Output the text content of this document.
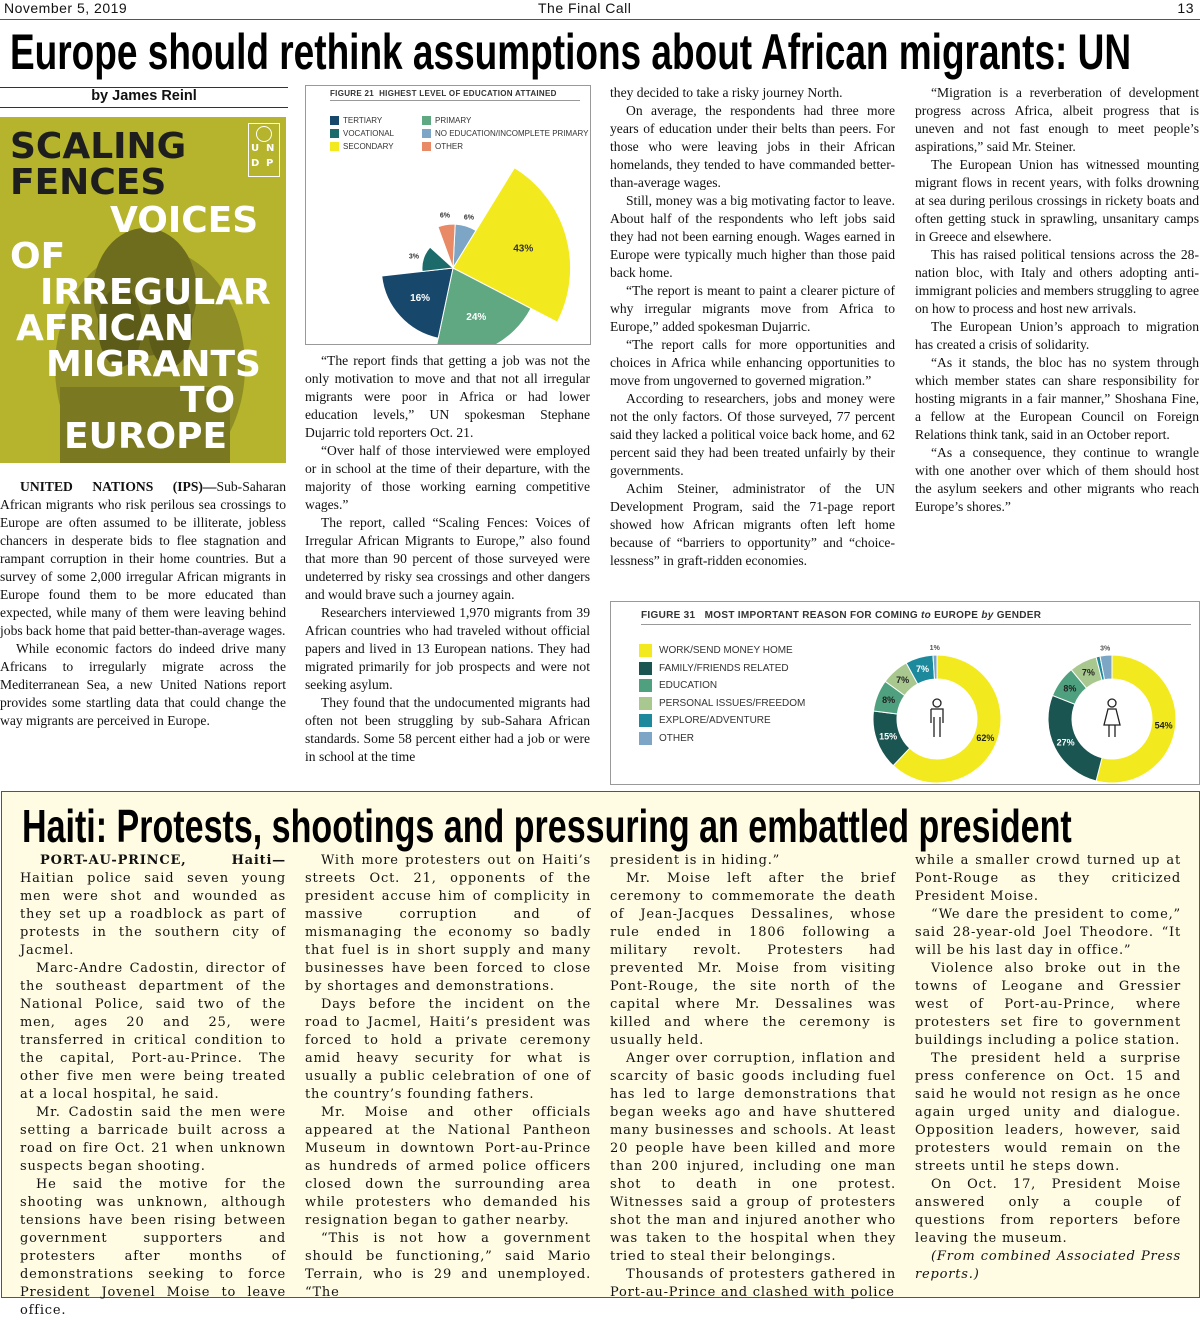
November 5, 2019	The Final Call	13
Europe should rethink assumptions about African migrants: UN
by James Reinl
U N
D P
SCALING
FENCES
VOICES
OF
IRREGULAR
AFRICAN
MIGRANTS
TO
EUROPE

UNITED NATIONS (IPS)—Sub-Saharan African migrants who risk perilous sea crossings to Europe are often assumed to be illiterate, jobless chancers in desperate bids to flee stagnation and rampant corruption in their home countries. But a survey of some 2,000 irregular African migrants in Europe found them to be more educated than expected, while many of them were leaving behind jobs back home that paid better-than-average wages.

While economic factors do indeed drive many Africans to irregularly migrate across the Mediterranean Sea, a new United Nations report provides some startling data that could change the way migrants are perceived in Europe.

FIGURE 21 HIGHEST LEVEL OF EDUCATION ATTAINED
TERTIARY
VOCATIONAL
SECONDARY
PRIMARY
NO EDUCATION/INCOMPLETE PRIMARY
OTHER
6%
43%
24%
16%
3%
6%

“The report finds that getting a job was not the only motivation to move and that not all irregular migrants were poor in Africa or had lower education levels,” UN spokesman Stephane Dujarric told reporters Oct. 21.

“Over half of those interviewed were employed or in school at the time of their departure, with the majority of those working earning competitive wages.”

The report, called “Scaling Fences: Voices of Irregular African Migrants to Europe,” also found that more than 90 percent of those surveyed were undeterred by risky sea crossings and other dangers and would brave such a journey again.

Researchers interviewed 1,970 migrants from 39 African countries who had traveled without official papers and lived in 13 European nations. They had migrated primarily for job prospects and were not seeking asylum.

They found that the undocumented migrants had often not been struggling by sub-Sahara African standards. Some 58 percent either had a job or were in school at the time

they decided to take a risky journey North.

On average, the respondents had three more years of education under their belts than peers. For those who were leaving jobs in their African homelands, they tended to have commanded better-than-average wages.

Still, money was a big motivating factor to leave. About half of the respondents who left jobs said they had not been earning enough. Wages earned in Europe were typically much higher than those paid back home.

“The report is meant to paint a clearer picture of why irregular migrants move from Africa to Europe,” added spokesman Dujarric.

“The report calls for more opportunities and choices in Africa while enhancing opportunities to move from ungoverned to governed migration.”

According to researchers, jobs and money were not the only factors. Of those surveyed, 77 percent said they lacked a political voice back home, and 62 percent said they had been treated unfairly by their governments.

Achim Steiner, administrator of the UN Development Program, said the 71-page report showed how African migrants often left home because of “barriers to opportunity” and “choice-lessness” in graft-ridden economies.

“Migration is a reverberation of development progress across Africa, albeit progress that is uneven and not fast enough to meet people’s aspirations,” said Mr. Steiner.

The European Union has witnessed mounting migrant flows in recent years, with folks drowning at sea during perilous crossings in rickety boats and often getting stuck in sprawling, unsanitary camps in Greece and elsewhere.

This has raised political tensions across the 28-nation bloc, with Italy and others adopting anti-immigrant policies and members struggling to agree on how to process and host new arrivals.

The European Union’s approach to migration has created a crisis of solidarity.

“As it stands, the bloc has no system through which member states can share responsibility for hosting migrants in a fair manner,” Shoshana Fine, a fellow at the European Council on Foreign Relations think tank, said in an October report.

“As a consequence, they continue to wrangle with one another over which of them should host the asylum seekers and other migrants who reach Europe’s shores.”

FIGURE 31 MOST IMPORTANT REASON FOR COMING to EUROPE by GENDER
WORK/SEND MONEY HOME
FAMILY/FRIENDS RELATED
EDUCATION
PERSONAL ISSUES/FREEDOM
EXPLORE/ADVENTURE
OTHER	62%
15%
8%
7%
7%
1%
54%
27%
8%
7%
1%
3%
Haiti: Protests, shootings and pressuring an embattled president

PORT-AU-PRINCE, Haiti—Haitian police said seven young men were shot and wounded as they set up a roadblock as part of protests in the southern city of Jacmel.

Marc-Andre Cadostin, director of the southeast department of the National Police, said two of the men, ages 20 and 25, were transferred in critical condition to the capital, Port-au-Prince. The other five men were being treated at a local hospital, he said.

Mr. Cadostin said the men were setting a barricade built across a road on fire Oct. 21 when unknown suspects began shooting.

He said the motive for the shooting was unknown, although tensions have been rising between government supporters and protesters after months of demonstrations seeking to force President Jovenel Moise to leave office.

With more protesters out on Haiti’s streets Oct. 21, opponents of the president accuse him of complicity in massive corruption and of mismanaging the economy so badly that fuel is in short supply and many businesses have been forced to close by shortages and demonstrations.

Days before the incident on the road to Jacmel, Haiti’s president was forced to hold a private ceremony amid heavy security for what is usually a public celebration of one of the country’s founding fathers.

Mr. Moise and other officials appeared at the National Pantheon Museum in downtown Port-au-Prince as hundreds of armed police officers closed down the surrounding area while protesters who demanded his resignation began to gather nearby.

“This is not how a government should be functioning,” said Mario Terrain, who is 29 and unemployed. “The

president is in hiding.”

Mr. Moise left after the brief ceremony to commemorate the death of Jean-Jacques Dessalines, whose rule ended in 1806 following a military revolt. Protesters had prevented Mr. Moise from visiting Pont-Rouge, the site north of the capital where Mr. Dessalines was killed and where the ceremony is usually held.

Anger over corruption, inflation and scarcity of basic goods including fuel has led to large demonstrations that began weeks ago and have shuttered many businesses and schools. At least 20 people have been killed and more than 200 injured, including one man shot to death in one protest. Witnesses said a group of protesters shot the man and injured another who was taken to the hospital when they tried to steal their belongings.

Thousands of protesters gathered in Port-au-Prince and clashed with police

while a smaller crowd turned up at Pont-Rouge as they criticized President Moise.

“We dare the president to come,” said 28-year-old Joel Theodore. “It will be his last day in office.”

Violence also broke out in the towns of Leogane and Gressier west of Port-au-Prince, where protesters set fire to government buildings including a police station.

The president held a surprise press conference on Oct. 15 and said he would not resign as he once again urged unity and dialogue. Opposition leaders, however, said protesters would remain on the streets until he steps down.

On Oct. 17, President Moise answered only a couple of questions from reporters before leaving the museum.

(From combined Associated Press reports.)
